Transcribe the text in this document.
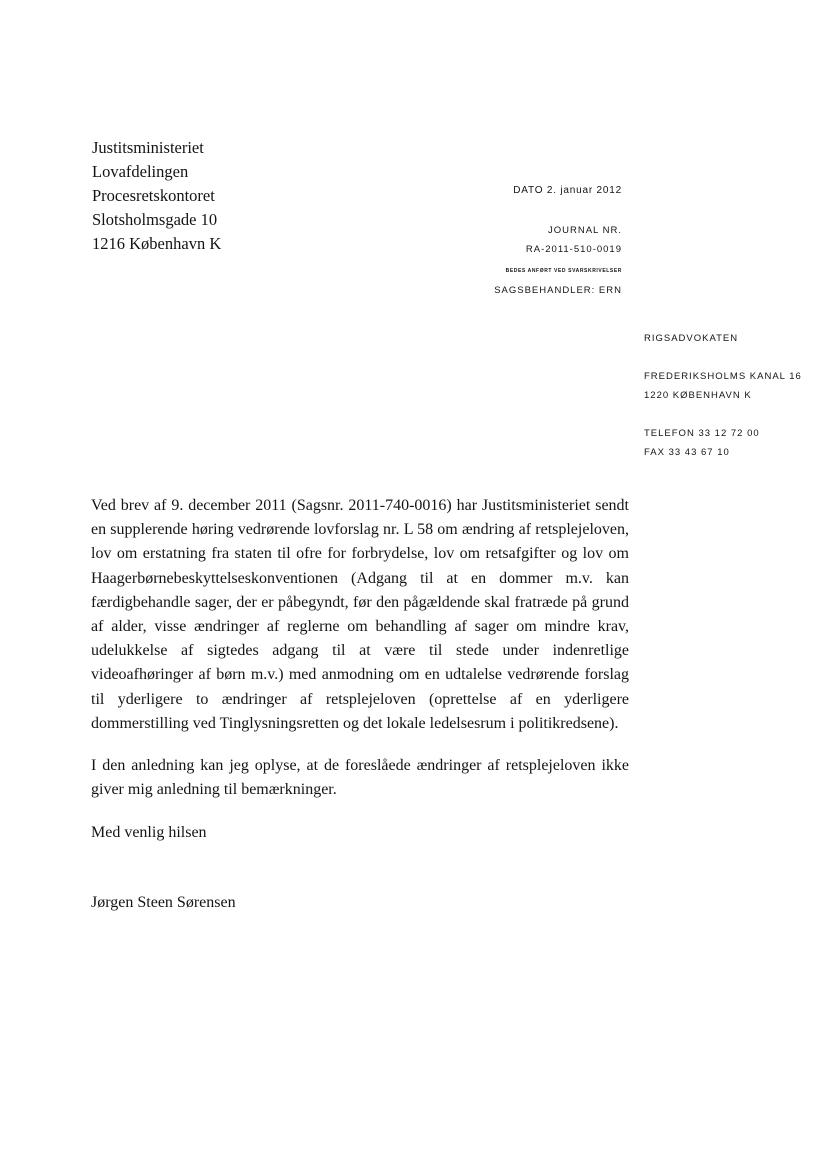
Justitsministeriet
Lovafdelingen
Procesretskontoret
Slotsholmsgade 10
1216 København K
DATO 2. januar 2012
JOURNAL NR.
RA-2011-510-0019
BEDES ANFØRT VED SVARSKRIVELSER
SAGSBEHANDLER: ERN
RIGSADVOKATEN
FREDERIKSHOLMS KANAL 16
1220 KØBENHAVN K
TELEFON 33 12 72 00
FAX 33 43 67 10

Ved brev af 9. december 2011 (Sagsnr. 2011-740-0016) har Justitsministeriet sendt en supplerende høring vedrørende lovforslag nr. L 58 om ændring af retsplejeloven, lov om erstatning fra staten til ofre for forbrydelse, lov om retsafgifter og lov om Haagerbørnebeskyttelseskonventionen (Adgang til at en dommer m.v. kan færdigbehandle sager, der er påbegyndt, før den pågældende skal fratræde på grund af alder, visse ændringer af reglerne om behandling af sager om mindre krav, udelukkelse af sigtedes adgang til at være til stede under indenretlige videoafhøringer af børn m.v.) med anmodning om en udtalelse vedrørende forslag til yderligere to ændringer af retsplejeloven (oprettelse af en yderligere dommerstilling ved Tinglysningsretten og det lokale ledelsesrum i politikredsene).

I den anledning kan jeg oplyse, at de foreslåede ændringer af retsplejeloven ikke giver mig anledning til bemærkninger.

Med venlig hilsen
Jørgen Steen Sørensen
